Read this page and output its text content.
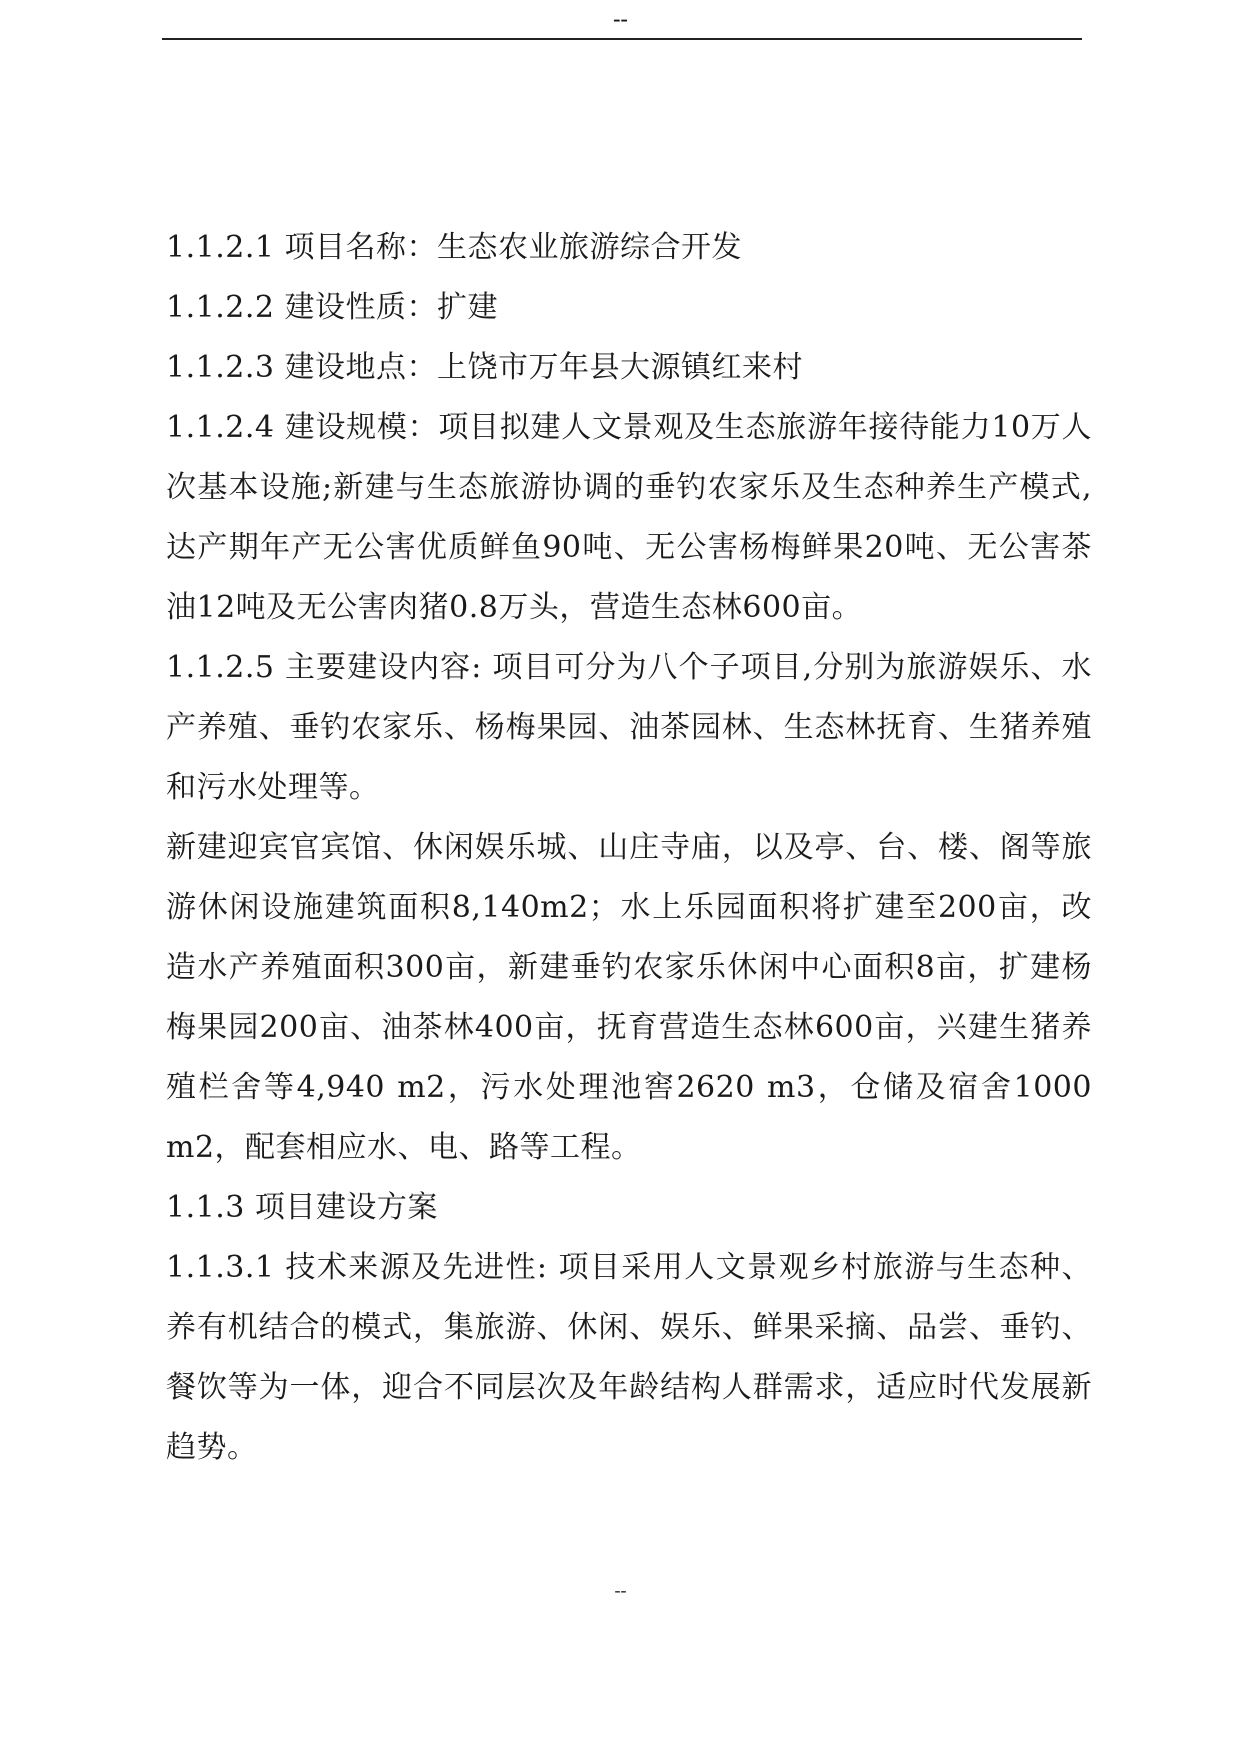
--

1.1.2.1 项目名称：生态农业旅游综合开发

1.1.2.2 建设性质：扩建

1.1.2.3 建设地点：上饶市万年县大源镇红来村

1.1.2.4 建设规模：项目拟建人文景观及生态旅游年接待能力10万人次基本设施;新建与生态旅游协调的垂钓农家乐及生态种养生产模式,达产期年产无公害优质鲜鱼90吨、无公害杨梅鲜果20吨、无公害茶油12吨及无公害肉猪0.8万头，营造生态林600亩。

1.1.2.5 主要建设内容: 项目可分为八个子项目,分别为旅游娱乐、水产养殖、垂钓农家乐、杨梅果园、油茶园林、生态林抚育、生猪养殖和污水处理等。

新建迎宾官宾馆、休闲娱乐城、山庄寺庙，以及亭、台、楼、阁等旅游休闲设施建筑面积8,140m2；水上乐园面积将扩建至200亩，改造水产养殖面积300亩，新建垂钓农家乐休闲中心面积8亩，扩建杨梅果园200亩、油茶林400亩，抚育营造生态林600亩，兴建生猪养殖栏舍等4,940 m2，污水处理池窖2620 m3，仓储及宿舍1000 m2，配套相应水、电、路等工程。

1.1.3 项目建设方案

1.1.3.1 技术来源及先进性: 项目采用人文景观乡村旅游与生态种、养有机结合的模式，集旅游、休闲、娱乐、鲜果采摘、品尝、垂钓、餐饮等为一体，迎合不同层次及年龄结构人群需求，适应时代发展新趋势。

--
